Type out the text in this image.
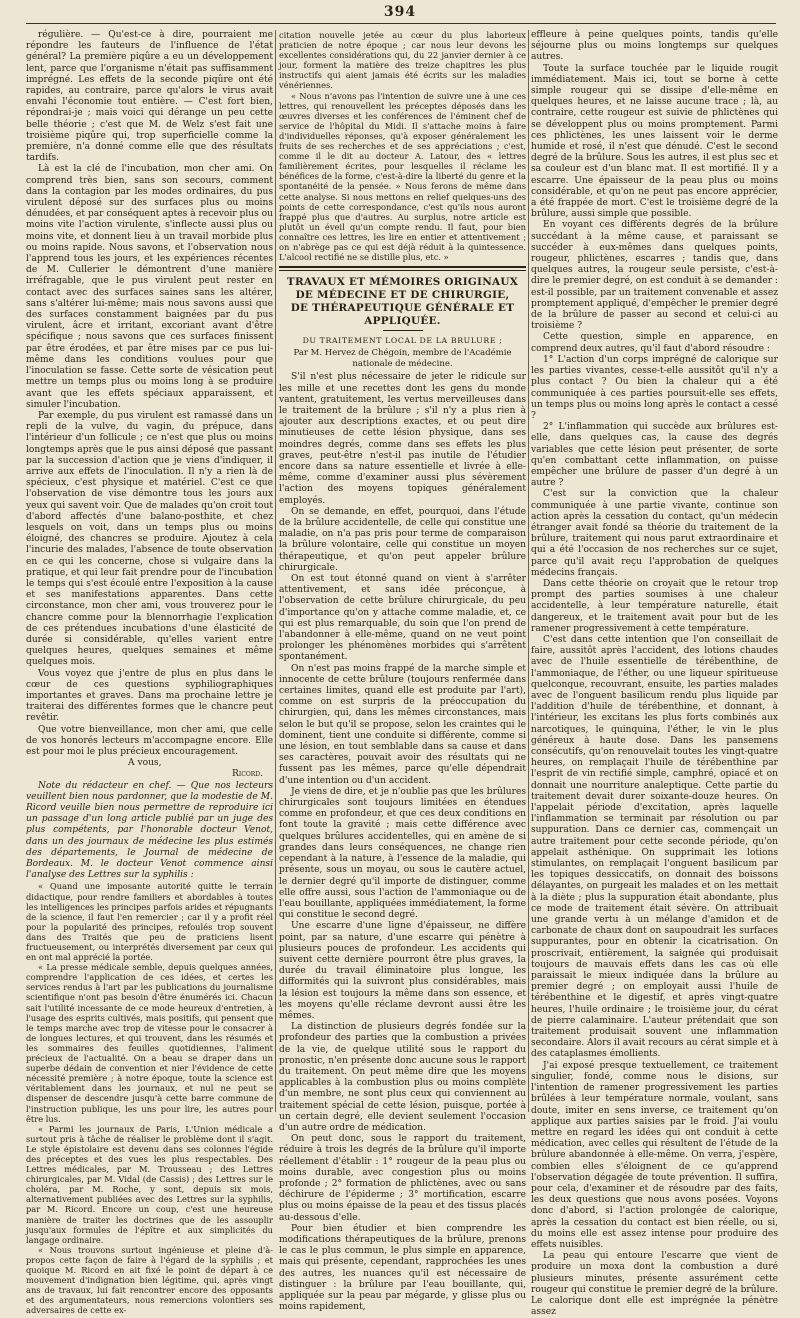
394

régulière. — Qu'est-ce à dire, pourraient me répondre les fauteurs de l'influence de l'état général? La première piqûre a eu un développement lent, parce que l'organisme n'était pas suffisamment imprégné. Les effets de la seconde piqûre ont été rapides, au contraire, parce qu'alors le virus avait envahi l'économie tout entière. — C'est fort bien, répondrai-je ; mais voici qui dérange un peu cette belle théorie ; c'est que M. de Welz s'est fait une troisième piqûre qui, trop superficielle comme la première, n'a donné comme elle que des résultats tardifs.

Là est la clé de l'incubation, mon cher ami. On comprend très bien, sans son secours, comment dans la contagion par les modes ordinaires, du pus virulent déposé sur des surfaces plus ou moins dénudées, et par conséquent aptes à recevoir plus ou moins vite l'action virulente, s'inflecte aussi plus ou moins vite, et donnent lieu à un travail morbide plus ou moins rapide. Nous savons, et l'observation nous l'apprend tous les jours, et les expériences récentes de M. Cullerier le démontrent d'une manière irréfragable, que le pus virulent peut rester en contact avec des surfaces saines sans les altérer, sans s'altérer lui-même; mais nous savons aussi que des surfaces constamment baignées par du pus virulent, âcre et irritant, excoriant avant d'être spécifique ; nous savons que ces surfaces finissent par être érodées, et par être mises par ce pus lui-même dans les conditions voulues pour que l'inoculation se fasse. Cette sorte de vésication peut mettre un temps plus ou moins long à se produire avant que les effets spéciaux apparaissent, et simuler l'incubation.

Par exemple, du pus virulent est ramassé dans un repli de la vulve, du vagin, du prépuce, dans l'intérieur d'un follicule ; ce n'est que plus ou moins longtemps après que le pus ainsi déposé que passant par la succession d'action que je viens d'indiquer, il arrive aux effets de l'inoculation. Il n'y a rien là de spécieux, c'est physique et matériel. C'est ce que l'observation de vise démontre tous les jours aux yeux qui savent voir. Que de malades qu'on croit tout d'abord affectés d'une balano-posthite, et chez lesquels on voit, dans un temps plus ou moins éloigné, des chancres se produire. Ajoutez à cela l'incurie des malades, l'absence de toute observation en ce qui les concerne, chose si vulgaire dans la pratique, et qui leur fait prendre pour de l'incubation le temps qui s'est écoulé entre l'exposition à la cause et ses manifestations apparentes. Dans cette circonstance, mon cher ami, vous trouverez pour le chancre comme pour la blennorrhagie l'explication de ces prétendues incubations d'une élasticité de durée si considérable, qu'elles varient entre quelques heures, quelques semaines et même quelques mois.

Vous voyez que j'entre de plus en plus dans le cœur de ces questions syphiliographiques importantes et graves. Dans ma prochaine lettre je traiterai des différentes formes que le chancre peut revêtir.

Que votre bienveillance, mon cher ami, que celle de vos honorés lecteurs m'accompagne encore. Elle est pour moi le plus précieux encouragement.

A vous,

Ricord.

Note du rédacteur en chef. — Que nos lecteurs veuillent bien nous pardonner, que la modestie de M. Ricord veuille bien nous permettre de reproduire ici un passage d'un long article publié par un juge des plus compétents, par l'honorable docteur Venot, dans un des journaux de médecine les plus estimés des départements, le Journal de médecine de Bordeaux. M. le docteur Venot commence ainsi l'analyse des Lettres sur la syphilis :

« Quand une imposante autorité quitte le terrain didactique, pour rendre familiers et abordables à toutes les intelligences les principes parfois arides et répugnants de la science, il faut l'en remercier ; car il y a profit réel pour la popularité des principes, refoulés trop souvent dans des Traités que peu de praticiens lisent fructueusement, ou interprétés diversement par ceux qui en ont mal apprécié la portée.

« La presse médicale semble, depuis quelques années, comprendre l'application de ces idées, et certes les services rendus à l'art par les publications du journalisme scientifique n'ont pas besoin d'être énumérés ici. Chacun sait l'utilité incessante de ce mode heureux d'entretien, à l'usage des esprits cultivés, mais positifs, qui pensent que le temps marche avec trop de vitesse pour le consacrer à de longues lectures, et qui trouvent, dans les résumés et les sommaires des feuilles quotidiennes, l'aliment précieux de l'actualité. On a beau se draper dans un superbe dédain de convention et nier l'évidence de cette nécessité première ; à notre époque, toute la science est véritablement dans les journaux, et nul ne peut se dispenser de descendre jusqu'à cette barre commune de l'instruction publique, les uns pour lire, les autres pour être lus.

« Parmi les journaux de Paris, L'Union médicale a surtout pris à tâche de réaliser le problème dont il s'agit. Le style épistolaire est devenu dans ses colonnes l'égide des préceptes et des vues les plus respectables. Des Lettres médicales, par M. Trousseau ; des Lettres chirurgicales, par M. Vidal (de Cassis) ; des Lettres sur le choléra, par M. Roche, y sont, depuis six mois, alternativement publiées avec des Lettres sur la syphilis, par M. Ricord. Encore un coup, c'est une heureuse manière de traiter les doctrines que de les assouplir jusqu'aux formules de l'épître et aux simplicités du langage ordinaire.

« Nous trouvons surtout ingénieuse et pleine d'à-propos cette façon de faire à l'égard de la syphilis ; et quoique M. Ricord en ait fixé le point de départ à ce mouvement d'indignation bien légitime, qui, après vingt ans de travaux, lui fait rencontrer encore des opposants et des argumentateurs, nous remercions volontiers ses adversaires de cette ex-

citation nouvelle jetée au cœur du plus laborieux praticien de notre époque ; car nous leur devons les excellentes considérations qui, du 22 janvier dernier à ce jour, forment la matière des treize chapitres les plus instructifs qui aient jamais été écrits sur les maladies vénériennes.

« Nous n'avons pas l'intention de suivre une à une ces lettres, qui renouvellent les préceptes déposés dans les œuvres diverses et les conférences de l'éminent chef de service de l'hôpital du Midi. Il s'attache moins à faire d'individuelles réponses, qu'à exposer généralement les fruits de ses recherches et de ses appréciations ; c'est, comme il le dit au docteur A. Latour, des « lettres familièrement écrites, pour lesquelles il réclame les bénéfices de la forme, c'est-à-dire la liberté du genre et la spontanéité de la pensée. » Nous ferons de même dans cette analyse. Si nous mettons en relief quelques-uns des points de cette correspondance, c'est qu'ils nous auront frappé plus que d'autres. Au surplus, notre article est plutôt un éveil qu'un compte rendu. Il faut, pour bien connaître ces lettres, les lire en entier et attentivement ; on n'abrège pas ce qui est déjà réduit à la quintessence. L'alcool rectifié ne se distille plus, etc. »

TRAVAUX ET MÉMOIRES ORIGINAUX DE MÉDECINE ET DE CHIRURGIE,

DE THÉRAPEUTIQUE GÉNÉRALE ET APPLIQUÉE.

DU TRAITEMENT LOCAL DE LA BRULURE ;

Par M. Hervez de Chégoin, membre de l'Académie nationale de médecine.

S'il n'est plus nécessaire de jeter le ridicule sur les mille et une recettes dont les gens du monde vantent, gratuitement, les vertus merveilleuses dans le traitement de la brûlure ; s'il n'y a plus rien à ajouter aux descriptions exactes, et ou peut dire minutieuses de cette lésion physique, dans ses moindres degrés, comme dans ses effets les plus graves, peut-être n'est-il pas inutile de l'étudier encore dans sa nature essentielle et livrée à elle-même, comme d'examiner aussi plus sévèrement l'action des moyens topiques généralement employés.

On se demande, en effet, pourquoi, dans l'étude de la brûlure accidentelle, de celle qui constitue une maladie, on n'a pas pris pour terme de comparaison la brûlure volontaire, celle qui constitue un moyen thérapeutique, et qu'on peut appeler brûlure chirurgicale.

On est tout étonné quand on vient à s'arrêter attentivement, et sans idée préconçue, à l'observation de cette brûlure chirurgicale, du peu d'importance qu'on y attache comme maladie, et, ce qui est plus remarquable, du soin que l'on prend de l'abandonner à elle-même, quand on ne veut point prolonger les phénomènes morbides qui s'arrêtent spontanément.

On n'est pas moins frappé de la marche simple et innocente de cette brûlure (toujours renfermée dans certaines limites, quand elle est produite par l'art), comme on est surpris de la préoccupation du chirurgien, qui, dans les mêmes circonstances, mais selon le but qu'il se propose, selon les craintes qui le dominent, tient une conduite si différente, comme si une lésion, en tout semblable dans sa cause et dans ses caractères, pouvait avoir des résultats qui ne fussent pas les mêmes, parce qu'elle dépendrait d'une intention ou d'un accident.

Je viens de dire, et je n'oublie pas que les brûlures chirurgicales sont toujours limitées en étendues comme en profondeur, et que ces deux conditions en font toute la gravité ; mais cette différence avec quelques brûlures accidentelles, qui en amène de si grandes dans leurs conséquences, ne change rien cependant à la nature, à l'essence de la maladie, qui présente, sous un moyau, ou sous le cautère actuel, le dernier degré qu'il importe de distinguer, comme elle offre aussi, sous l'action de l'ammoniaque ou de l'eau bouillante, appliquées immédiatement, la forme qui constitue le second degré.

Une escarre d'une ligne d'épaisseur, ne diffère point, par sa nature, d'une escarre qui pénètre à plusieurs pouces de profondeur. Les accidents qui suivent cette dernière pourront être plus graves, la durée du travail éliminatoire plus longue, les difformités qui la suivront plus considérables, mais la lésion est toujours la même dans son essence, et les moyens qu'elle réclame devront aussi être les mêmes.

La distinction de plusieurs degrés fondée sur la profondeur des parties que la combustion a privées de la vie, de quelque utilité sous le rapport du pronostic, n'en présente donc aucune sous le rapport du traitement. On peut même dire que les moyens applicables à la combustion plus ou moins complète d'un membre, ne sont plus ceux qui conviennent au traitement spécial de cette lésion, puisque, portée à un certain degré, elle devient seulement l'occasion d'un autre ordre de médication.

On peut donc, sous le rapport du traitement, réduire à trois les degrés de la brûlure qu'il importe réellement d'établir : 1° rougeur de la peau plus ou moins durable, avec congestion plus ou moins profonde ; 2° formation de phlictènes, avec ou sans déchirure de l'épiderme ; 3° mortification, escarre plus ou moins épaisse de la peau et des tissus placés au-dessous d'elle.

Pour bien étudier et bien comprendre les modifications thérapeutiques de la brûlure, prenons le cas le plus commun, le plus simple en apparence, mais qui présente, cependant, rapprochées les unes des autres, les nuances qu'il est nécessaire de distinguer : la brûlure par l'eau bouillante, qui, appliquée sur la peau par mégarde, y glisse plus ou moins rapidement,

effleure à peine quelques points, tandis qu'elle séjourne plus ou moins longtemps sur quelques autres.

Toute la surface touchée par le liquide rougit immédiatement. Mais ici, tout se borne à cette simple rougeur qui se dissipe d'elle-même en quelques heures, et ne laisse aucune trace ; là, au contraire, cette rougeur est suivie de phlictènes qui se développent plus ou moins promptement. Parmi ces phlictènes, les unes laissent voir le derme humide et rosé, il n'est que dénudé. C'est le second degré de la brûlure. Sous les autres, il est plus sec et sa couleur est d'un blanc mat. Il est mortifié. Il y a escarre. Une épaisseur de la peau plus ou moins considérable, et qu'on ne peut pas encore apprécier, a été frappée de mort. C'est le troisième degré de la brûlure, aussi simple que possible.

En voyant ces différents degrés de la brûlure succédant à la même cause, et paraissant se succéder à eux-mêmes dans quelques points, rougeur, phlictènes, escarres ; tandis que, dans quelques autres, la rougeur seule persiste, c'est-à-dire le premier degré, on est conduit à se demander : est-il possible, par un traitement convenable et assez promptement appliqué, d'empêcher le premier degré de la brûlure de passer au second et celui-ci au troisième ?

Cette question, simple en apparence, en comprend deux autres, qu'il faut d'abord résoudre :

1° L'action d'un corps imprégné de calorique sur les parties vivantes, cesse-t-elle aussitôt qu'il n'y a plus contact ? Ou bien la chaleur qui a été communiquée à ces parties poursuit-elle ses effets, un temps plus ou moins long après le contact a cessé ?

2° L'inflammation qui succède aux brûlures est-elle, dans quelques cas, la cause des degrés variables que cette lésion peut présenter, de sorte qu'en combattant cette inflammation, on puisse empêcher une brûlure de passer d'un degré à un autre ?

C'est sur la conviction que la chaleur communiquée à une partie vivante, continue son action après la cessation du contact, qu'un médecin étranger avait fondé sa théorie du traitement de la brûlure, traitement qui nous parut extraordinaire et qui a été l'occasion de nos recherches sur ce sujet, parce qu'il avait reçu l'approbation de quelques médecins français.

Dans cette théorie on croyait que le retour trop prompt des parties soumises à une chaleur accidentelle, à leur température naturelle, était dangereux, et le traitement avait pour but de les ramener progressivement à cette température.

C'est dans cette intention que l'on conseillait de faire, aussitôt après l'accident, des lotions chaudes avec de l'huile essentielle de térébenthine, de l'ammoniaque, de l'éther, ou une liqueur spiritueuse quelconque, recouvrant, ensuite, les parties malades avec de l'onguent basilicum rendu plus liquide par l'addition d'huile de térébenthine, et donnant, à l'intérieur, les excitans les plus forts combinés aux narcotiques, le quinquina, l'éther, le vin le plus généreux à haute dose. Dans les pansemens consécutifs, qu'on renouvelait toutes les vingt-quatre heures, on remplaçait l'huile de térébenthine par l'esprit de vin rectifié simple, camphré, opiacé et on donnait une nourriture analeptique. Cette partie du traitement devait durer soixante-douze heures. On l'appelait période d'excitation, après laquelle l'inflammation se terminait par résolution ou par suppuration. Dans ce dernier cas, commençait un autre traitement pour cette seconde période, qu'on appelait asthénique. On supprimait les lotions stimulantes, on remplaçait l'onguent basilicum par les topiques dessiccatifs, on donnait des boissons délayantes, on purgeait les malades et on les mettait à la diète ; plus la suppuration était abondante, plus ce mode de traitement était sévère. On attribuait une grande vertu à un mélange d'amidon et de carbonate de chaux dont on saupoudrait les surfaces suppurantes, pour en obtenir la cicatrisation. On proscrivait, entièrement, la saignée qui produisait toujours de mauvais effets dans les cas où elle paraissait le mieux indiquée dans la brûlure au premier degré ; on employait aussi l'huile de térébenthine et le digestif, et après vingt-quatre heures, l'huile ordinaire ; le troisième jour, du cérat de pierre calaminaire. L'auteur prétendait que son traitement produisait souvent une inflammation secondaire. Alors il avait recours au cérat simple et à des cataplasmes émollients.

J'ai exposé presque textuellement, ce traitement singulier, fondé, comme nous le disions, sur l'intention de ramener progressivement les parties brûlées à leur température normale, voulant, sans doute, imiter en sens inverse, ce traitement qu'on applique aux parties saisies par le froid. J'ai voulu mettre en regard les idées qui ont conduit à cette médication, avec celles qui résultent de l'étude de la brûlure abandonnée à elle-même. On verra, j'espère, combien elles s'éloignent de ce qu'apprend l'observation dégagée de toute prévention. Il suffira, pour cela, d'examiner et de résoudre par des faits, les deux questions que nous avons posées. Voyons donc d'abord, si l'action prolongée de calorique, après la cessation du contact est bien réelle, ou si, du moins elle est assez intense pour produire des effets nuisibles.

La peau qui entoure l'escarre que vient de produire un moxa dont la combustion a duré plusieurs minutes, présente assurément cette rougeur qui constitue le premier degré de la brûlure. Le calorique dont elle est imprégnée la pénètre assez
